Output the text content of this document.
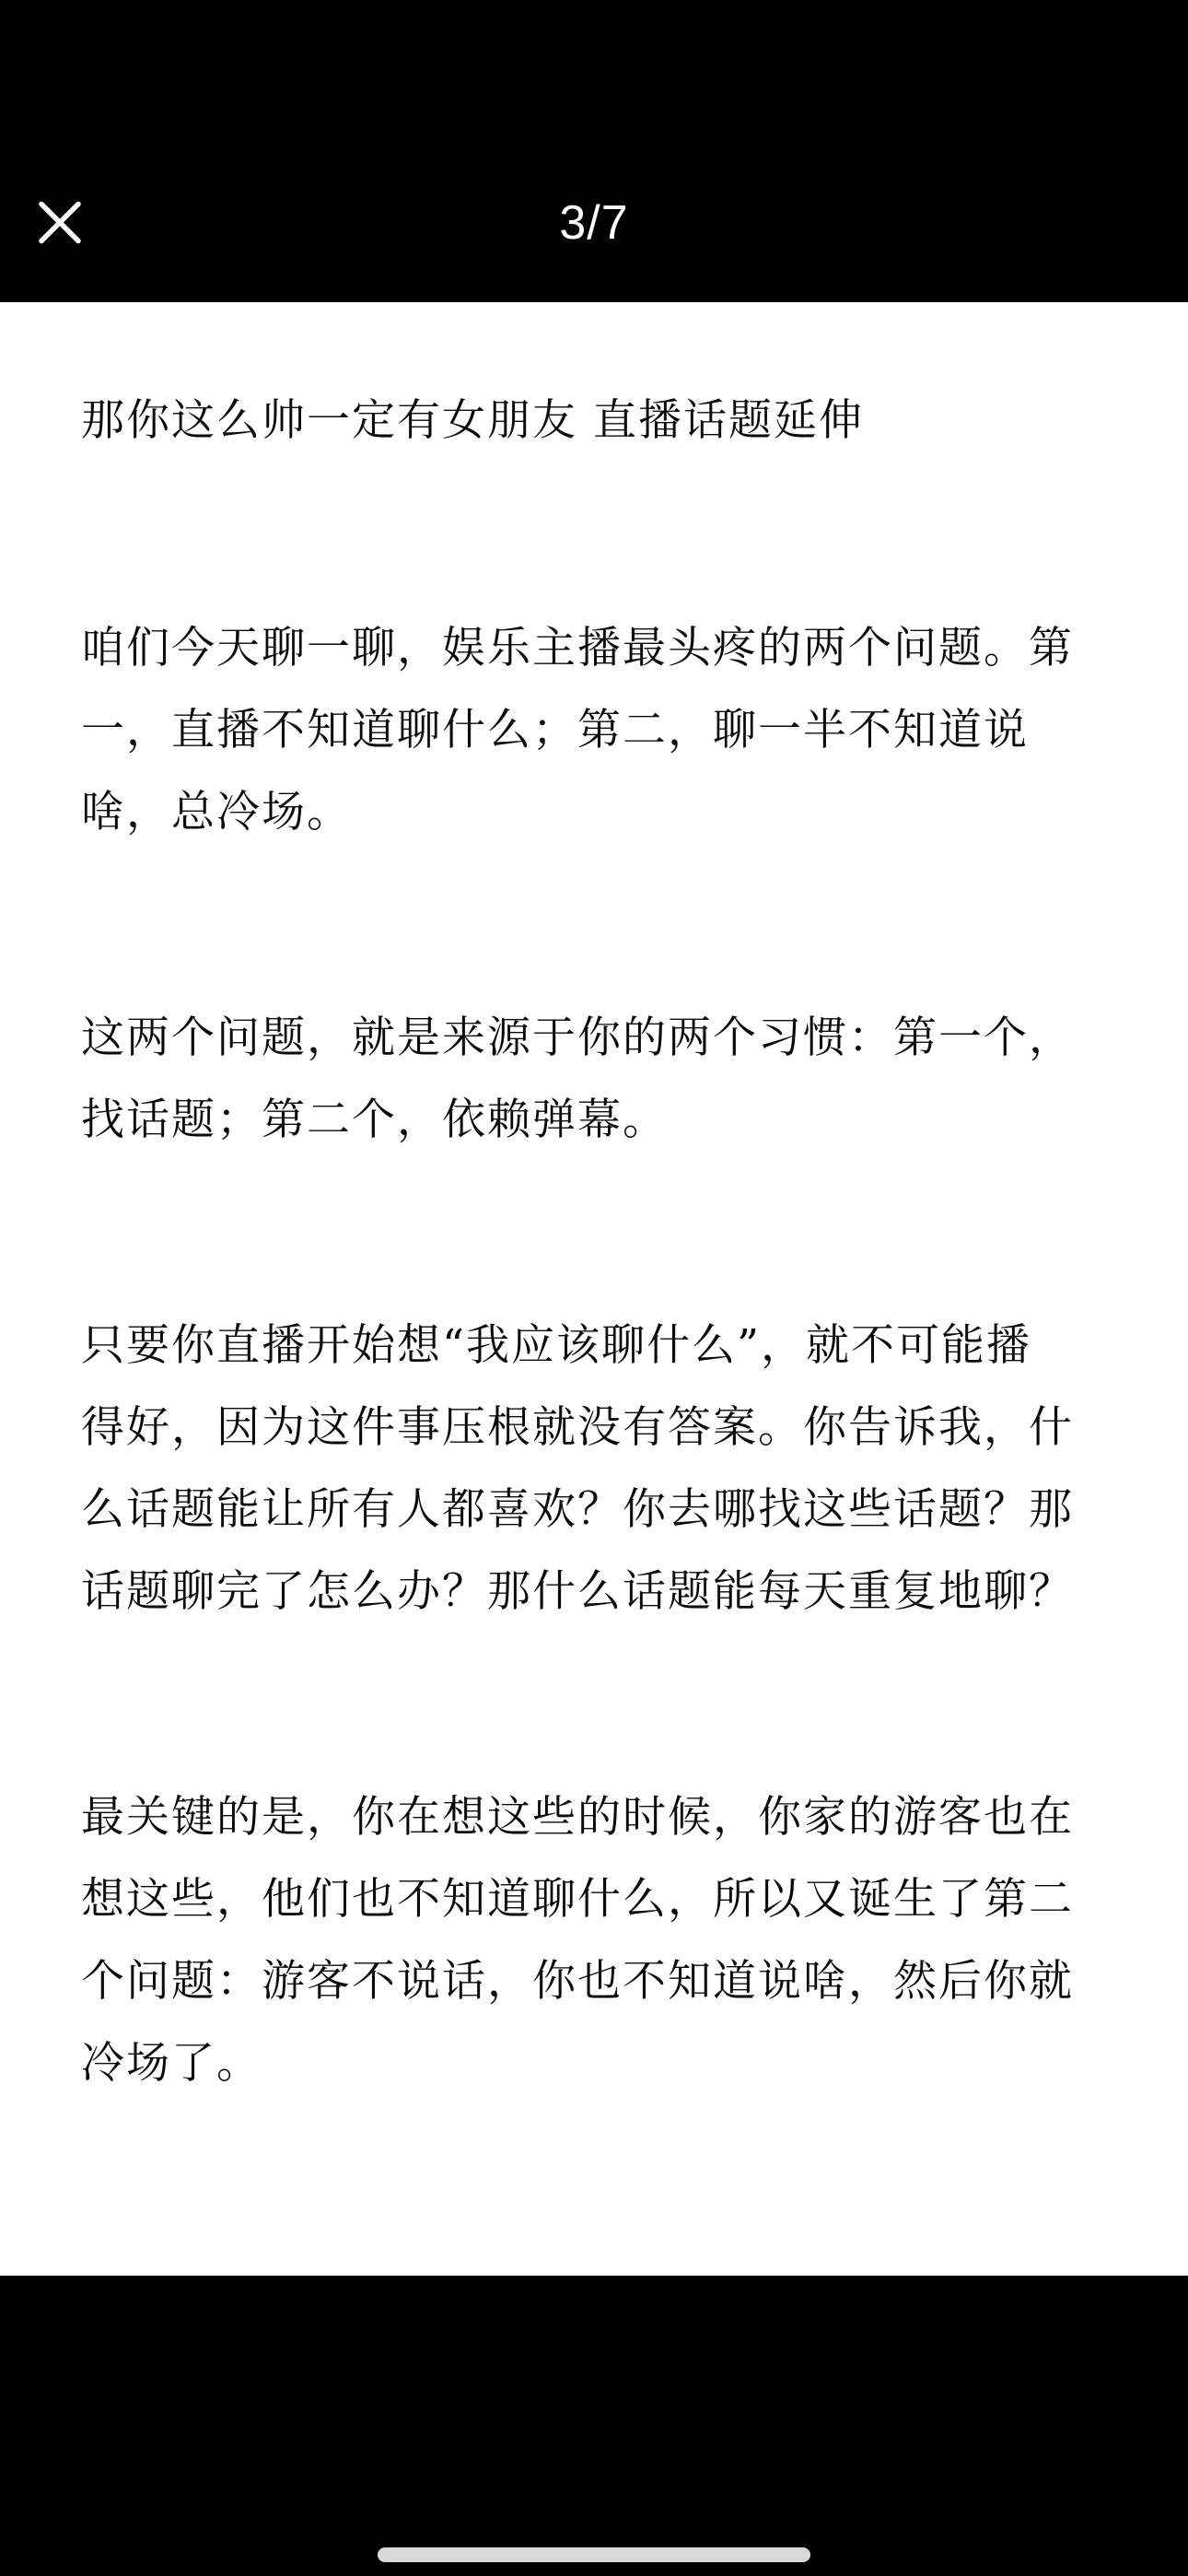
3/7
那你这么帅一定有女朋友 直播话题延伸
咱们今天聊一聊，娱乐主播最头疼的两个问题。第
一，直播不知道聊什么；第二，聊一半不知道说
啥，总冷场。
这两个问题，就是来源于你的两个习惯：第一个，
找话题；第二个，依赖弹幕。
只要你直播开始想“我应该聊什么”，就不可能播
得好，因为这件事压根就没有答案。你告诉我，什
么话题能让所有人都喜欢？你去哪找这些话题？那
话题聊完了怎么办？那什么话题能每天重复地聊？
最关键的是，你在想这些的时候，你家的游客也在
想这些，他们也不知道聊什么，所以又诞生了第二
个问题：游客不说话，你也不知道说啥，然后你就
冷场了。
